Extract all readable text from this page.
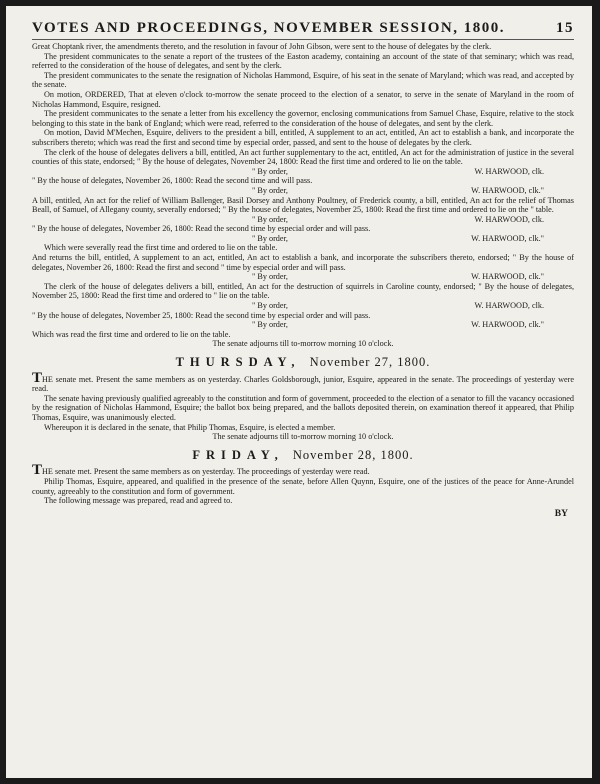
VOTES AND PROCEEDINGS, NOVEMBER SESSION, 1800.	15

Great Choptank river, the amendments thereto, and the resolution in favour of John Gibson, were sent to the house of delegates by the clerk.

The president communicates to the senate a report of the trustees of the Easton academy, containing an account of the state of that seminary; which was read, referred to the consideration of the house of delegates, and sent by the clerk.

The president communicates to the senate the resignation of Nicholas Hammond, Esquire, of his seat in the senate of Maryland; which was read, and accepted by the senate.

On motion, ORDERED, That at eleven o'clock to-morrow the senate proceed to the election of a senator, to serve in the senate of Maryland in the room of Nicholas Hammond, Esquire, resigned.

The president communicates to the senate a letter from his excellency the governor, enclosing communications from Samuel Chase, Esquire, relative to the stock belonging to this state in the bank of England; which were read, referred to the consideration of the house of delegates, and sent by the clerk.

On motion, David M'Mechen, Esquire, delivers to the president a bill, entitled, A supplement to an act, entitled, An act to establish a bank, and incorporate the subscribers thereto; which was read the first and second time by especial order, passed, and sent to the house of delegates by the clerk.

The clerk of the house of delegates delivers a bill, entitled, An act further supplementary to the act, entitled, An act for the administration of justice in the several counties of this state, endorsed; " By the house of delegates, November 24, 1800: Read the first time and ordered to lie on the table.

" By order,	W. HARWOOD, clk.

" By the house of delegates, November 26, 1800: Read the second time and will pass.

" By order,	W. HARWOOD, clk."

A bill, entitled, An act for the relief of William Ballenger, Basil Dorsey and Anthony Poultney, of Frederick county, a bill, entitled, An act for the relief of Thomas Beall, of Samuel, of Allegany county, severally endorsed; " By the house of delegates, November 25, 1800: Read the first time and ordered to lie on the " table.

" By order,	W. HARWOOD, clk.

" By the house of delegates, November 26, 1800: Read the second time by especial order and will pass.

" By order,	W. HARWOOD, clk."

Which were severally read the first time and ordered to lie on the table.

And returns the bill, entitled, A supplement to an act, entitled, An act to establish a bank, and incorporate the subscribers thereto, endorsed; " By the house of delegates, November 26, 1800: Read the first and second " time by especial order and will pass.

" By order,	W. HARWOOD, clk."

The clerk of the house of delegates delivers a bill, entitled, An act for the destruction of squirrels in Caroline county, endorsed; " By the house of delegates, November 25, 1800: Read the first time and ordered to " lie on the table.

" By order,	W. HARWOOD, clk.

" By the house of delegates, November 25, 1800: Read the second time by especial order and will pass.

" By order,	W. HARWOOD, clk."

Which was read the first time and ordered to lie on the table.

The senate adjourns till to-morrow morning 10 o'clock.

THURSDAY, November 27, 1800.

THE senate met. Present the same members as on yesterday. Charles Goldsborough, junior, Esquire, appeared in the senate. The proceedings of yesterday were read.

The senate having previously qualified agreeably to the constitution and form of government, proceeded to the election of a senator to fill the vacancy occasioned by the resignation of Nicholas Hammond, Esquire; the ballot box being prepared, and the ballots deposited therein, on examination thereof it appeared, that Philip Thomas, Esquire, was unanimously elected.

Whereupon it is declared in the senate, that Philip Thomas, Esquire, is elected a member.

The senate adjourns till to-morrow morning 10 o'clock.

FRIDAY, November 28, 1800.

THE senate met. Present the same members as on yesterday. The proceedings of yesterday were read.

Philip Thomas, Esquire, appeared, and qualified in the presence of the senate, before Allen Quynn, Esquire, one of the justices of the peace for Anne-Arundel county, agreeably to the constitution and form of government.

The following message was prepared, read and agreed to.

BY
